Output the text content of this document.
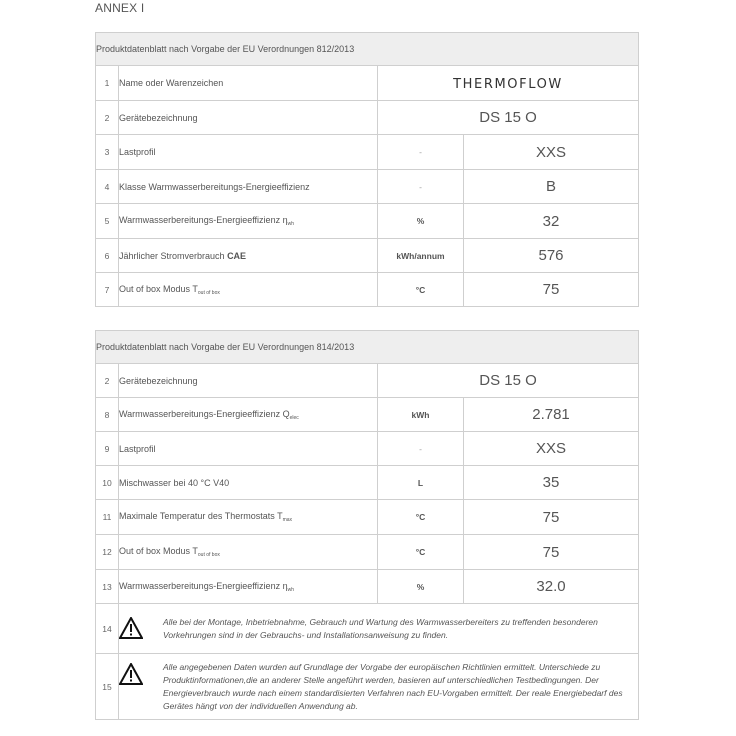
ANNEX I
Produktdatenblatt nach Vorgabe der EU Verordnungen 812/2013			
1	Name oder Warenzeichen	THERMOFLOW	
2	Gerätebezeichnung	DS 15 O	
3	Lastprofil	-	XXS
4	Klasse Warmwasserbereitungs-Energieeffizienz	-	B
5	Warmwasserbereitungs-Energieeffizienz $\eta_{wh}$	%	32
6	Jährlicher Stromverbrauch CAE	kWh/annum	576
7	Out of box Modus $T_{out of box}$	°C	75
Produktdatenblatt nach Vorgabe der EU Verordnungen 814/2013			
2	Gerätebezeichnung	DS 15 O	
8	Warmwasserbereitungs-Energieeffizienz $Q_{elec}$	kWh	2.781
9	Lastprofil	-	XXS
10	Mischwasser bei 40 °C V40	L	35
11	Maximale Temperatur des Thermostats $T_{max}$	°C	75
12	Out of box Modus $T_{out of box}$	°C	75
13	Warmwasserbereitungs-Energieeffizienz $\eta_{wh}$	%	32.0
14	Alle bei der Montage, Inbetriebnahme, Gebrauch und Wartung des Warmwasserbereiters zu treffenden besonderen Vorkehrungen sind in der Gebrauchs- und Installationsanweisung zu finden.		

15	Alle angegebenen Daten wurden auf Grundlage der Vorgabe der europäischen Richtlinien ermittelt. Unterschiede zu Produktinformationen,die an anderer Stelle angeführt werden, basieren auf unterschiedlichen Testbedingungen. Der Energieverbrauch wurde nach einem standardisierten Verfahren nach EU-Vorgaben ermittelt. Der reale Energiebedarf des Gerätes hängt von der individuellen Anwendung ab.		
